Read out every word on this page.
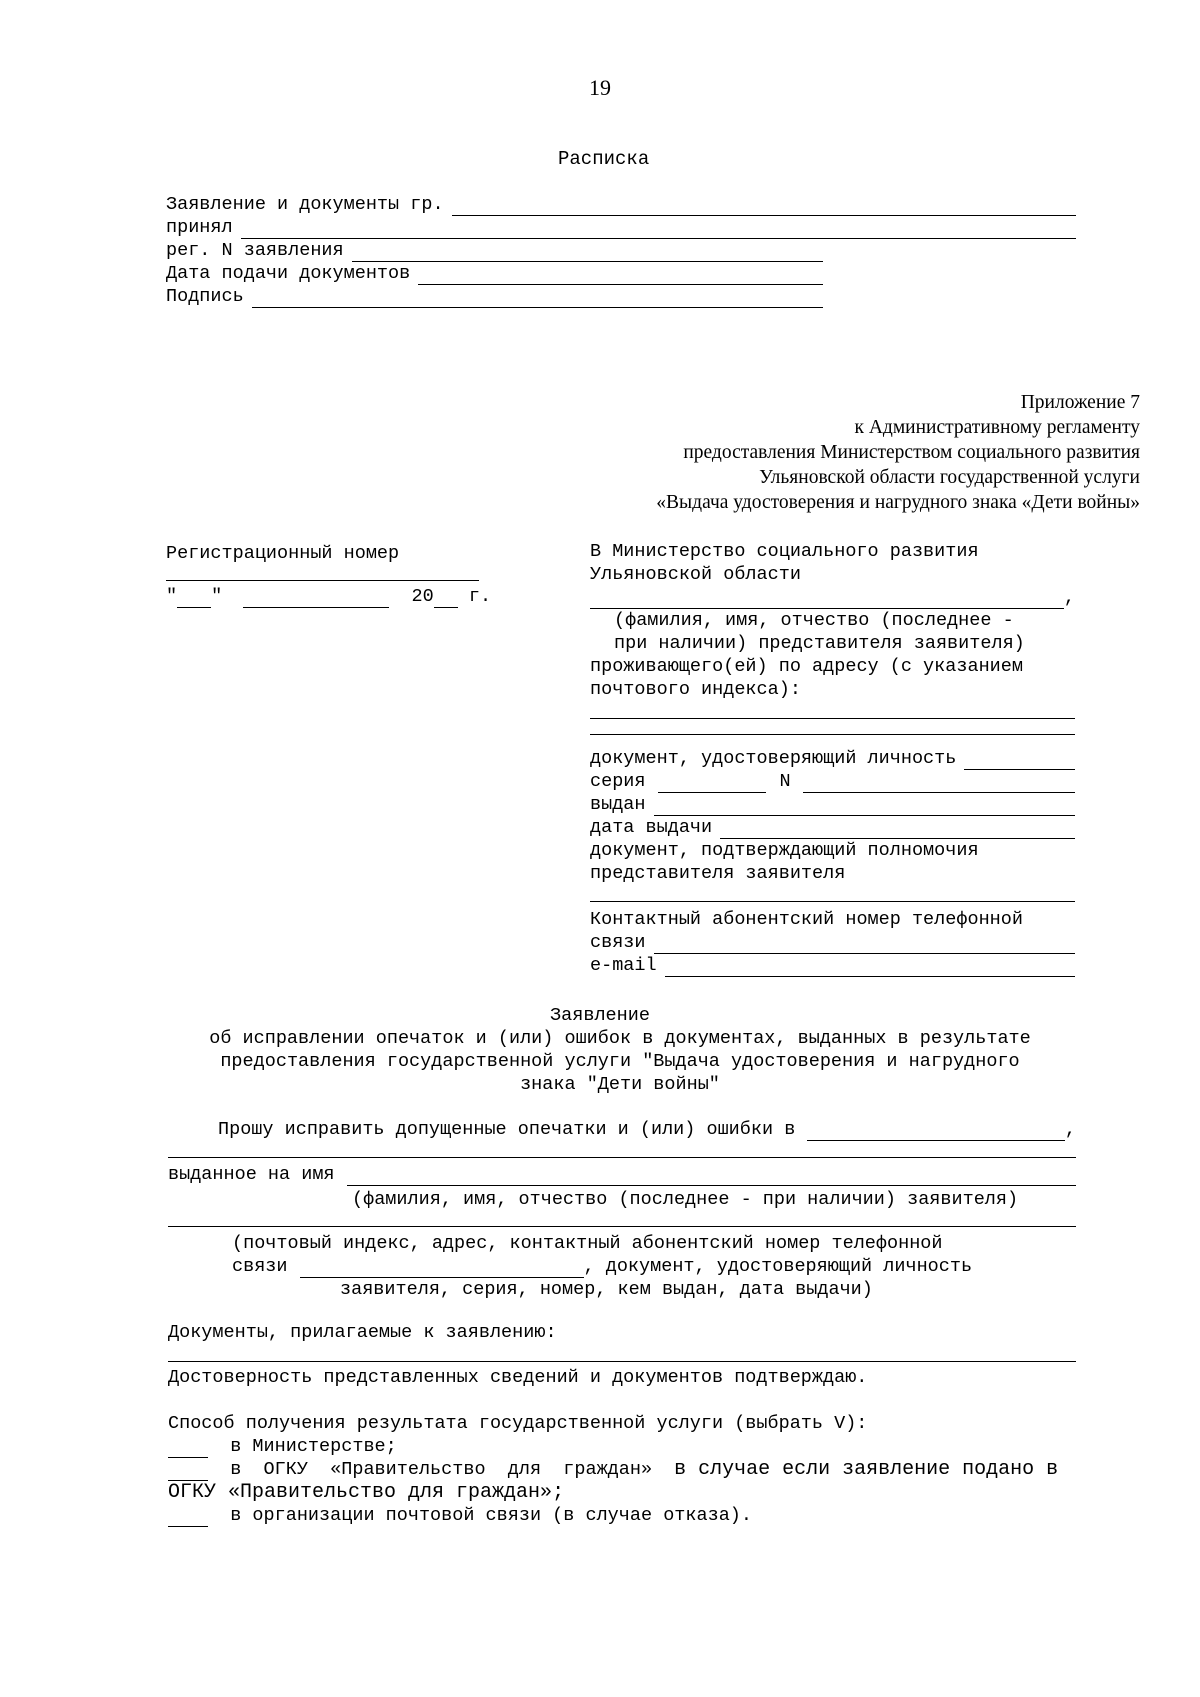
19
Расписка
Заявление и документы гр.
принял
рег. N заявления
Дата подачи документов
Подпись
Приложение 7
к Административному регламенту
предоставления Министерством социального развития
Ульяновской области государственной услуги
«Выдача удостоверения и нагрудного знака «Дети войны»
Регистрационный номер
" "

	20
г.
В Министерство социального развития
Ульяновской области
,
(фамилия, имя, отчество (последнее -
при наличии) представителя заявителя)
проживающего(ей) по адресу (с указанием
почтового индекса):
документ, удостоверяющий личность
серия	N
выдан
дата выдачи
документ, подтверждающий полномочия
представителя заявителя
Контактный абонентский номер телефонной
связи
e-mail
Заявление
об исправлении опечаток и (или) ошибок в документах, выданных в результате
предоставления государственной услуги "Выдача удостоверения и нагрудного
знака "Дети войны"
Прошу исправить допущенные опечатки и (или) ошибки в	,
выданное на имя
(фамилия, имя, отчество (последнее - при наличии) заявителя)
(почтовый индекс, адрес, контактный абонентский номер телефонной
связи	, документ, удостоверяющий личность
заявителя, серия, номер, кем выдан, дата выдачи)
Документы, прилагаемые к заявлению:
Достоверность представленных сведений и документов подтверждаю.
Способ получения результата государственной услуги (выбрать V):

в Министерстве;

в  ОГКУ  «Правительство  для  граждан» в случае если заявление подано в
ОГКУ «Правительство для граждан»;

в организации почтовой связи (в случае отказа).
